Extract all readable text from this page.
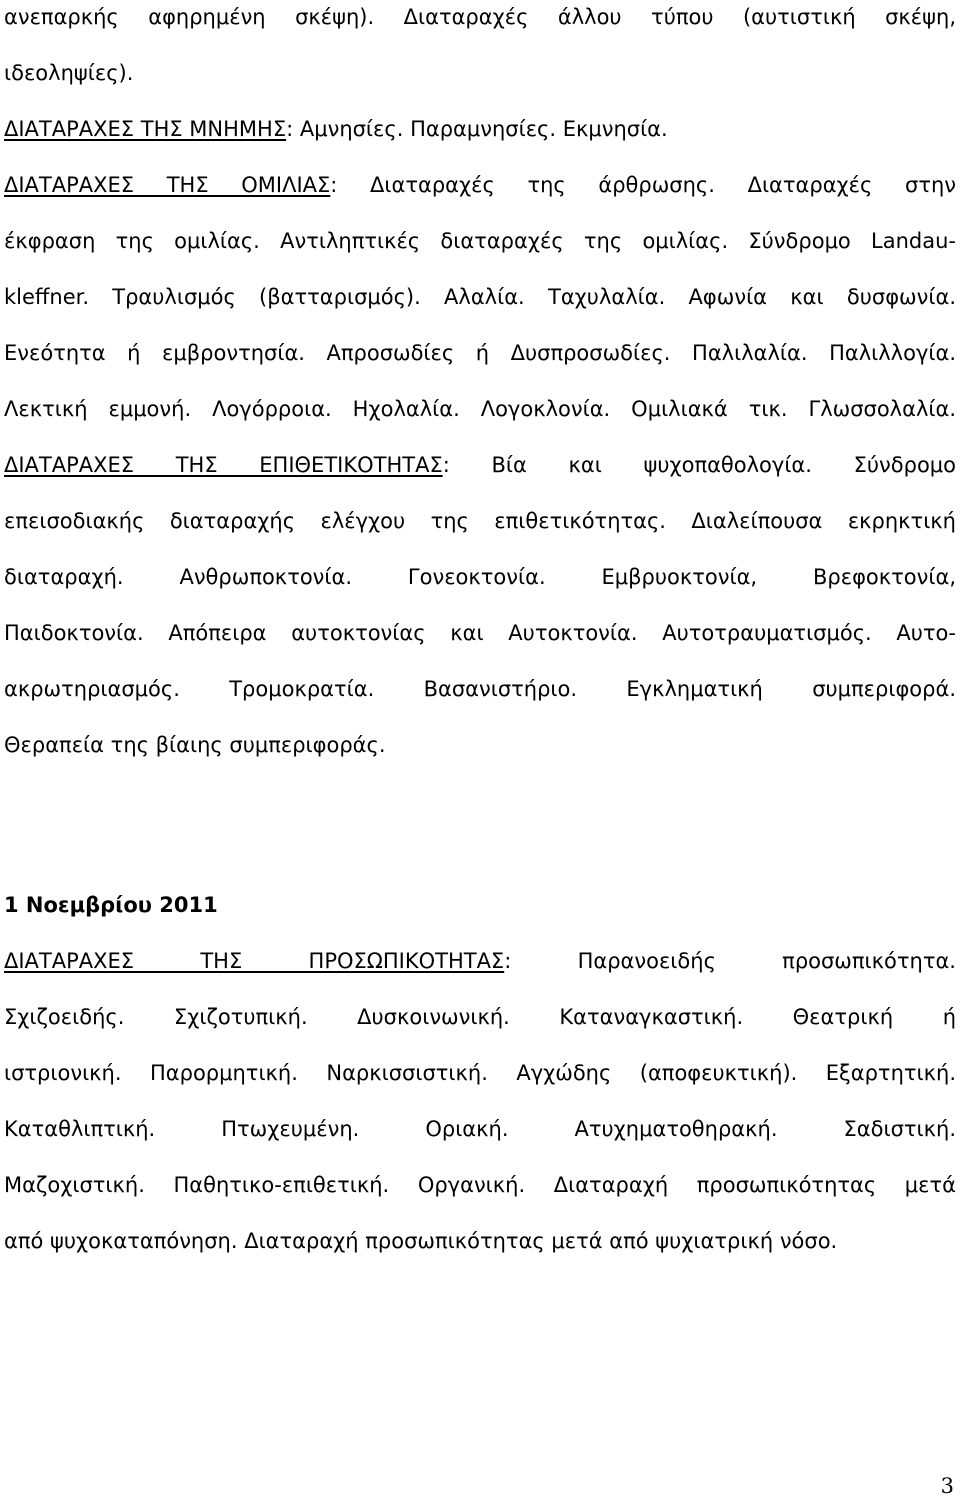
ανεπαρκής αφηρημένη σκέψη). Διαταραχές άλλου τύπου (αυτιστική σκέψη,
ιδεοληψίες).
ΔΙΑΤΑΡΑΧΕΣ ΤΗΣ ΜΝΗΜΗΣ: Αμνησίες. Παραμνησίες. Εκμνησία.
ΔΙΑΤΑΡΑΧΕΣ ΤΗΣ ΟΜΙΛΙΑΣ: Διαταραχές της άρθρωσης. Διαταραχές στην
έκφραση της ομιλίας. Αντιληπτικές διαταραχές της ομιλίας. Σύνδρομο Landau-
kleffner. Τραυλισμός (βατταρισμός). Αλαλία. Ταχυλαλία. Αφωνία και δυσφωνία.
Ενεότητα ή εμβροντησία. Απροσωδίες ή Δυσπροσωδίες. Παλιλαλία. Παλιλλογία.
Λεκτική εμμονή. Λογόρροια. Ηχολαλία. Λογοκλονία. Ομιλιακά τικ. Γλωσσολαλία.
ΔΙΑΤΑΡΑΧΕΣ ΤΗΣ ΕΠΙΘΕΤΙΚΟΤΗΤΑΣ: Βία και ψυχοπαθολογία. Σύνδρομο
επεισοδιακής διαταραχής ελέγχου της επιθετικότητας. Διαλείπουσα εκρηκτική
διαταραχή. Ανθρωποκτονία. Γονεοκτονία. Εμβρυοκτονία, Βρεφοκτονία,
Παιδοκτονία. Απόπειρα αυτοκτονίας και Αυτοκτονία. Αυτοτραυματισμός. Αυτο-
ακρωτηριασμός. Τρομοκρατία. Βασανιστήριο. Εγκληματική συμπεριφορά.
Θεραπεία της βίαιης συμπεριφοράς.
1 Νοεμβρίου 2011
ΔΙΑΤΑΡΑΧΕΣ ΤΗΣ ΠΡΟΣΩΠΙΚΟΤΗΤΑΣ: Παρανοειδής προσωπικότητα.
Σχιζοειδής. Σχιζοτυπική. Δυσκοινωνική. Καταναγκαστική. Θεατρική ή
ιστριονική. Παρορμητική. Ναρκισσιστική. Αγχώδης (αποφευκτική). Εξαρτητική.
Καταθλιπτική. Πτωχευμένη. Οριακή. Ατυχηματοθηρακή. Σαδιστική.
Μαζοχιστική. Παθητικο-επιθετική. Οργανική. Διαταραχή προσωπικότητας μετά
από ψυχοκαταπόνηση. Διαταραχή προσωπικότητας μετά από ψυχιατρική νόσο.
3
